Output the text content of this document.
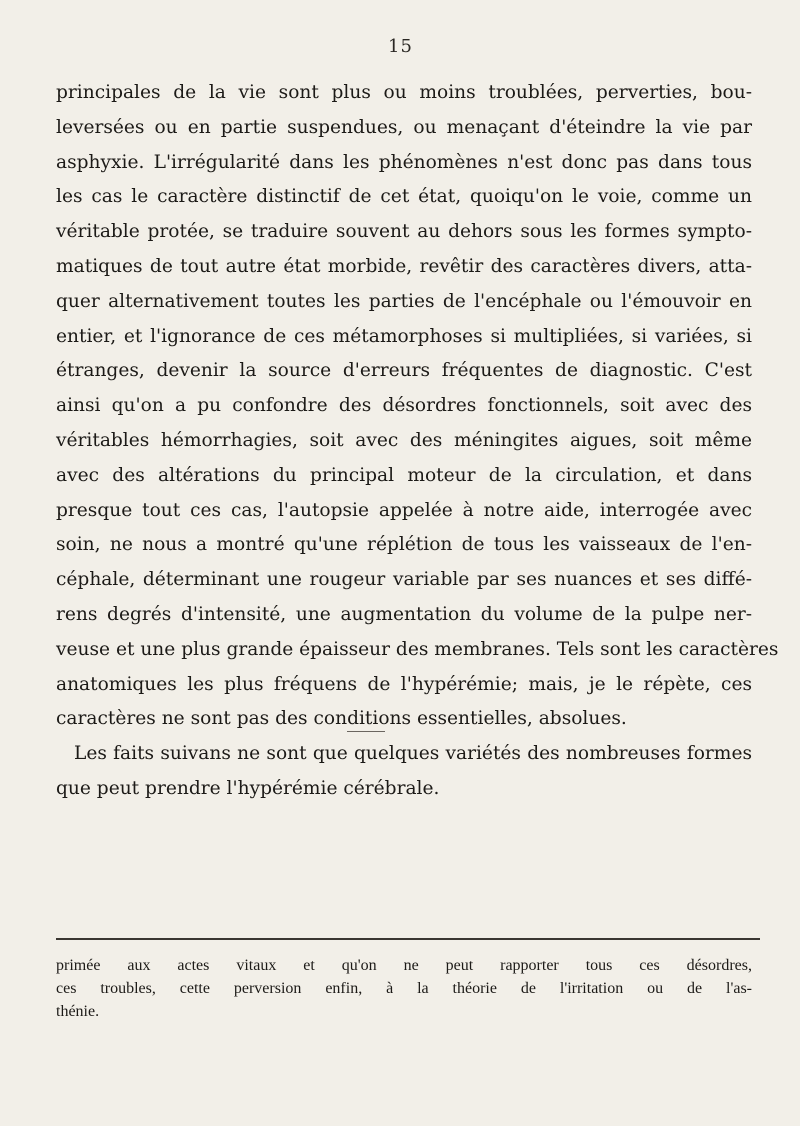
15
principales de la vie sont plus ou moins troublées, perverties, bou-
leversées ou en partie suspendues, ou menaçant d'éteindre la vie par
asphyxie. L'irrégularité dans les phénomènes n'est donc pas dans tous
les cas le caractère distinctif de cet état, quoiqu'on le voie, comme un
véritable protée, se traduire souvent au dehors sous les formes sympto-
matiques de tout autre état morbide, revêtir des caractères divers, atta-
quer alternativement toutes les parties de l'encéphale ou l'émouvoir en
entier, et l'ignorance de ces métamorphoses si multipliées, si variées, si
étranges, devenir la source d'erreurs fréquentes de diagnostic. C'est
ainsi qu'on a pu confondre des désordres fonctionnels, soit avec des
véritables hémorrhagies, soit avec des méningites aigues, soit même
avec des altérations du principal moteur de la circulation, et dans
presque tout ces cas, l'autopsie appelée à notre aide, interrogée avec
soin, ne nous a montré qu'une réplétion de tous les vaisseaux de l'en-
céphale, déterminant une rougeur variable par ses nuances et ses diffé-
rens degrés d'intensité, une augmentation du volume de la pulpe ner-
veuse et une plus grande épaisseur des membranes. Tels sont les caractères
anatomiques les plus fréquens de l'hypérémie; mais, je le répète, ces
caractères ne sont pas des conditions essentielles, absolues.
Les faits suivans ne sont que quelques variétés des nombreuses formes
que peut prendre l'hypérémie cérébrale.
primée aux actes vitaux et qu'on ne peut rapporter tous ces désordres,
ces troubles, cette perversion enfin, à la théorie de l'irritation ou de l'as-
thénie.
